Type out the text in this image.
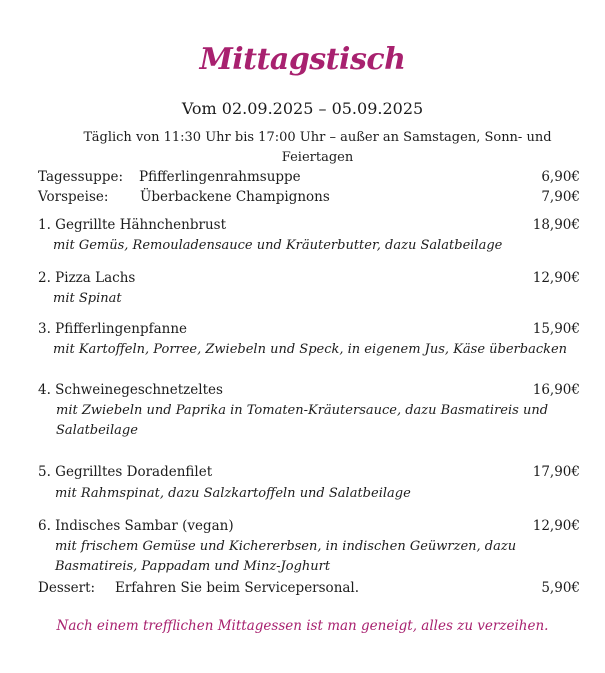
Mittagstisch
Vom 02.09.2025 – 05.09.2025
Täglich von 11:30 Uhr bis 17:00 Uhr – außer an Samstagen, Sonn- und Feiertagen
Tagessuppe: Pfifferlingenrahmsuppe	6,90€
Vorspeise: Überbackene Champignons	7,90€
1. Gegrillte Hähnchenbrust	18,90€
mit Gemüs, Remouladensauce und Kräuterbutter, dazu Salatbeilage
2. Pizza Lachs	12,90€
mit Spinat
3. Pfifferlingenpfanne	15,90€
mit Kartoffeln, Porree, Zwiebeln und Speck, in eigenem Jus, Käse überbacken
4. Schweinegeschnetzeltes	16,90€
mit Zwiebeln und Paprika in Tomaten-Kräutersauce, dazu Basmatireis und Salatbeilage
5. Gegrilltes Doradenfilet	17,90€
mit Rahmspinat, dazu Salzkartoffeln und Salatbeilage
6. Indisches Sambar (vegan)	12,90€
mit frischem Gemüse und Kichererbsen, in indischen Geüwrzen, dazu Basmatireis, Pappadam und Minz-Joghurt
Dessert: Erfahren Sie beim Servicepersonal.	5,90€
Nach einem trefflichen Mittagessen ist man geneigt, alles zu verzeihen.
